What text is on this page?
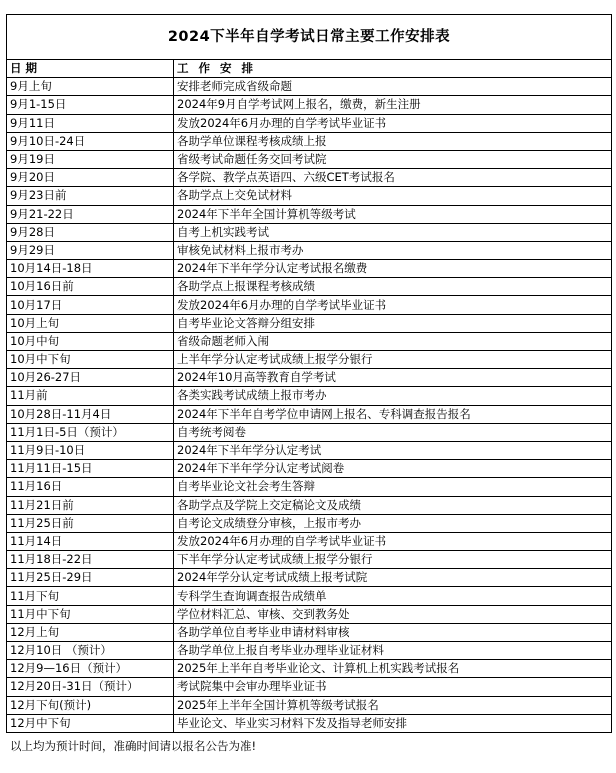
2024下半年自学考试日常主要工作安排表	
日 期	工 作 安 排
9月上旬	安排老师完成省级命题
9月1-15日	2024年9月自学考试网上报名，缴费，新生注册
9月11日	发放2024年6月办理的自学考试毕业证书
9月10日-24日	各助学单位课程考核成绩上报
9月19日	省级考试命题任务交回考试院
9月20日	各学院、教学点英语四、六级CET考试报名
9月23日前	各助学点上交免试材料
9月21-22日	2024年下半年全国计算机等级考试
9月28日	自考上机实践考试
9月29日	审核免试材料上报市考办
10月14日-18日	2024年下半年学分认定考试报名缴费
10月16日前	各助学点上报课程考核成绩
10月17日	发放2024年6月办理的自学考试毕业证书
10月上旬	自考毕业论文答辩分组安排
10月中旬	省级命题老师入闱
10月中下旬	上半年学分认定考试成绩上报学分银行
10月26-27日	2024年10月高等教育自学考试
11月前	各类实践考试成绩上报市考办
10月28日-11月4日	2024年下半年自考学位申请网上报名、专科调查报告报名
11月1日-5日（预计）	自考统考阅卷
11月9日-10日	2024年下半年学分认定考试
11月11日-15日	2024年下半年学分认定考试阅卷
11月16日	自考毕业论文社会考生答辩
11月21日前	各助学点及学院上交定稿论文及成绩
11月25日前	自考论文成绩登分审核，上报市考办
11月14日	发放2024年6月办理的自学考试毕业证书
11月18日-22日	下半年学分认定考试成绩上报学分银行
11月25日-29日	2024年学分认定考试成绩上报考试院
11月下旬	专科学生查询调查报告成绩单
11月中下旬	学位材料汇总、审核、交到教务处
12月上旬	各助学单位自考毕业申请材料审核
12月10日 （预计）	各助学单位上报自考毕业办理毕业证材料
12月9—16日（预计）	2025年上半年自考毕业论文、计算机上机实践考试报名
12月20日-31日（预计）	考试院集中会审办理毕业证书
12月下旬(预计)	2025年上半年全国计算机等级考试报名
12月中下旬	毕业论文、毕业实习材料下发及指导老师安排
以上均为预计时间，准确时间请以报名公告为准!
